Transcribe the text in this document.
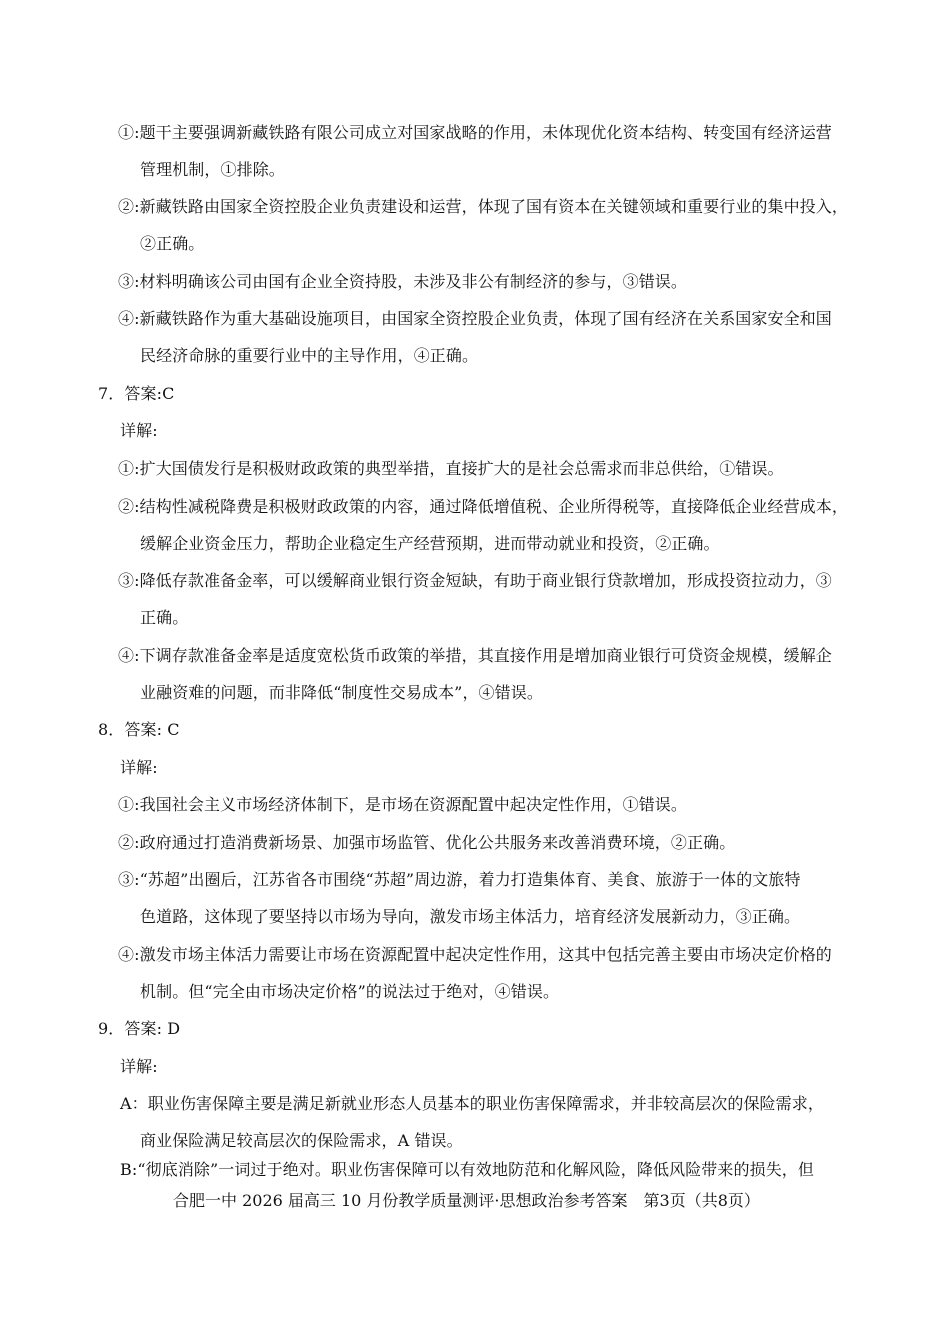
①:题干主要强调新藏铁路有限公司成立对国家战略的作用，未体现优化资本结构、转变国有经济运营
管理机制，①排除。
②:新藏铁路由国家全资控股企业负责建设和运营，体现了国有资本在关键领域和重要行业的集中投入，
②正确。
③:材料明确该公司由国有企业全资持股，未涉及非公有制经济的参与，③错误。
④:新藏铁路作为重大基础设施项目，由国家全资控股企业负责，体现了国有经济在关系国家安全和国
民经济命脉的重要行业中的主导作用，④正确。
7．答案:C
详解:
①:扩大国债发行是积极财政政策的典型举措，直接扩大的是社会总需求而非总供给，①错误。
②:结构性减税降费是积极财政政策的内容，通过降低增值税、企业所得税等，直接降低企业经营成本，
缓解企业资金压力，帮助企业稳定生产经营预期，进而带动就业和投资，②正确。
③:降低存款准备金率，可以缓解商业银行资金短缺，有助于商业银行贷款增加，形成投资拉动力，③
正确。
④:下调存款准备金率是适度宽松货币政策的举措，其直接作用是增加商业银行可贷资金规模，缓解企
业融资难的问题，而非降低“制度性交易成本”，④错误。
8．答案: C
详解:
①:我国社会主义市场经济体制下，是市场在资源配置中起决定性作用，①错误。
②:政府通过打造消费新场景、加强市场监管、优化公共服务来改善消费环境，②正确。
③:“苏超”出圈后，江苏省各市围绕“苏超”周边游，着力打造集体育、美食、旅游于一体的文旅特
色道路，这体现了要坚持以市场为导向，激发市场主体活力，培育经济发展新动力，③正确。
④:激发市场主体活力需要让市场在资源配置中起决定性作用，这其中包括完善主要由市场决定价格的
机制。但“完全由市场决定价格”的说法过于绝对，④错误。
9．答案: D
详解:
A：职业伤害保障主要是满足新就业形态人员基本的职业伤害保障需求，并非较高层次的保险需求，
商业保险满足较高层次的保险需求，A 错误。
合肥一中 2026 届高三 10 月份教学质量测评·思想政治参考答案　第3页（共8页）
B:“彻底消除”一词过于绝对。职业伤害保障可以有效地防范和化解风险，降低风险带来的损失，但
